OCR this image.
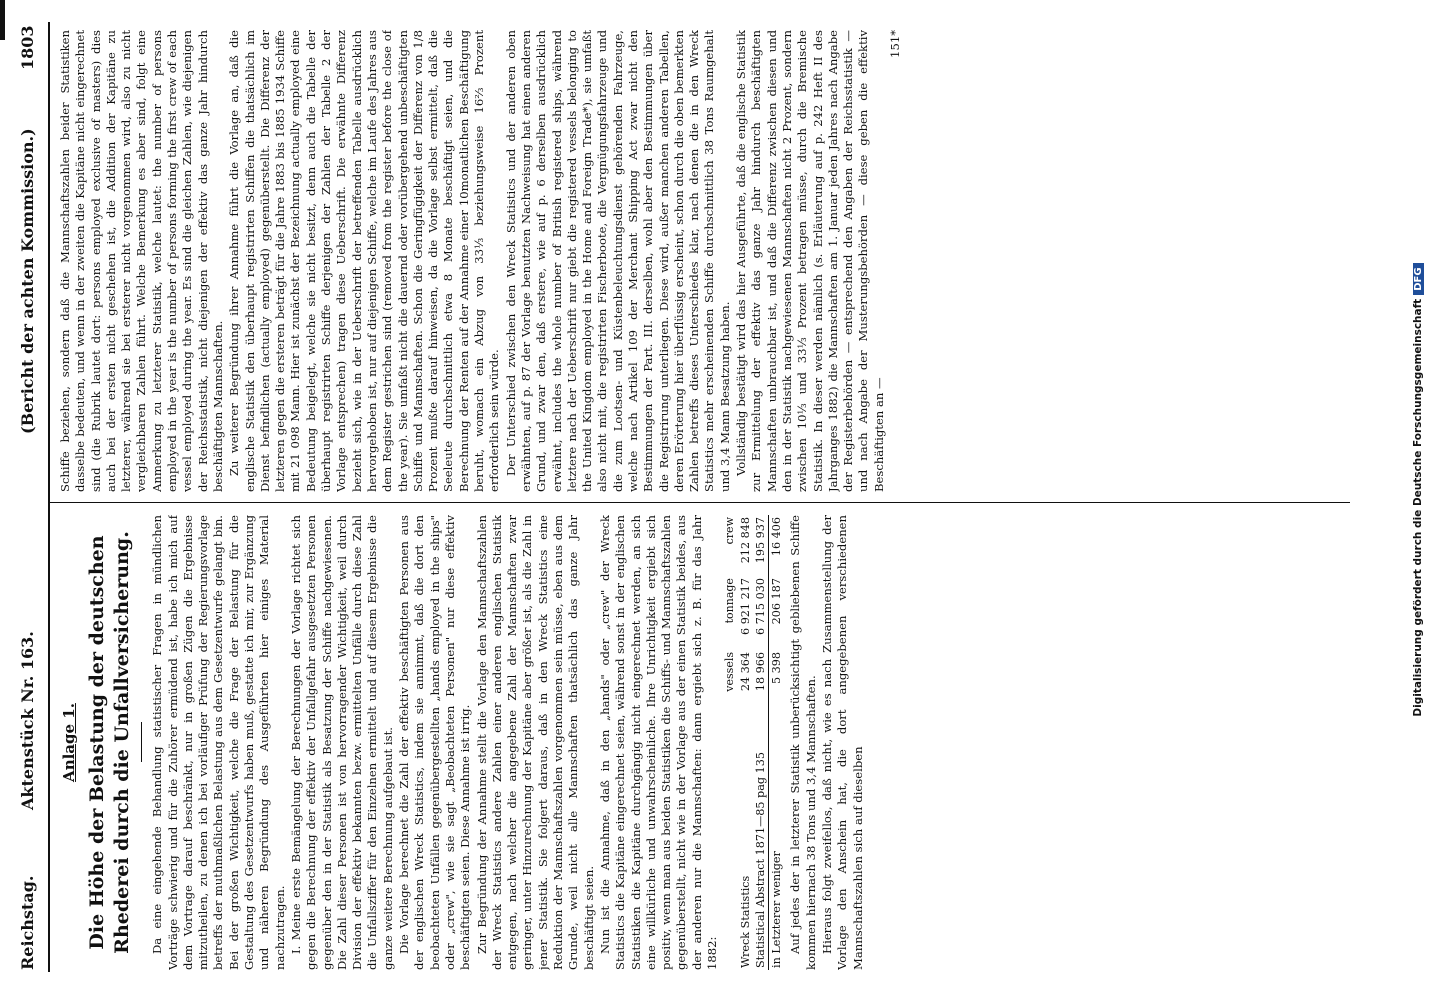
Reichstag.
Aktenstück Nr. 163.
(Bericht der achten Kommission.)
1803

Anlage 1. Die Höhe der Belastung der deutschen Rhederei durch die Unfallversicherung. Da eine eingehende Behandlung statistischer Fragen in mündlichen Vorträge schwierig und für die Zuhörer ermüdend ist, habe ich mich auf dem Vortrage darauf beschränkt, nur in großen Zügen die Ergebnisse mitzutheilen, zu denen ich bei vorläufiger Prüfung der Regierungsvorlage betreffs der muthmaßlichen Belastung aus dem Gesetzentwurfe gelangt bin. Bei der großen Wichtigkeit, welche die Frage der Belastung für die Gestaltung des Gesetzentwurfs haben muß, gestatte ich mir, zur Ergänzung und näheren Begründung des Ausgeführten hier einiges Material nachzutragen. I. Meine erste Bemängelung der Berechnungen der Vorlage richtet sich gegen die Berechnung der effektiv der Unfallgefahr ausgesetzten Personen gegenüber den in der Statistik als Besatzung der Schiffe nachgewiesenen. Die Zahl dieser Personen ist von hervorragender Wichtigkeit, weil durch Division der effektiv bekannten bezw. ermittelten Unfälle durch diese Zahl die Unfallsziffer für den Einzelnen ermittelt und auf diesem Ergebnisse die ganze weitere Berechnung aufgebaut ist. Die Vorlage berechnet die Zahl der effektiv beschäftigten Personen aus der englischen Wreck Statistics, indem sie annimmt, daß die dort den beobachteten Unfällen gegenübergestellten „hands employed in the ships" oder „crew", wie sie sagt „Beobachteten Personen" nur diese effektiv beschäftigten seien. Diese Annahme ist irrig. Zur Begründung der Annahme stellt die Vorlage den Mannschaftszahlen der Wreck Statistics andere Zahlen einer anderen englischen Statistik entgegen, nach welcher die angegebene Zahl der Mannschaften zwar geringer, unter Hinzurechnung der Kapitäne aber größer ist, als die Zahl in jener Statistik. Sie folgert daraus, daß in den Wreck Statistics eine Reduktion der Mannschaftszahlen vorgenommen sein müsse, eben aus dem Grunde, weil nicht alle Mannschaften thatsächlich das ganze Jahr beschäftigt seien. Nun ist die Annahme, daß in den „hands" oder „crew" der Wreck Statistics die Kapitäne eingerechnet seien, während sonst in der englischen Statistiken die Kapitäne durchgängig nicht eingerechnet werden, an sich eine willkürliche und unwahrscheinliche. Ihre Unrichtigkeit ergiebt sich positiv, wenn man aus beiden Statistiken die Schiffs- und Mannschaftszahlen gegenüberstellt, nicht wie in der Vorlage aus der einen Statistik beides, aus der anderen nur die Mannschaften: dann ergiebt sich z. B. für das Jahr 1882:

	vessels	tonnage	crew
Wreck Statistics	24 364	6 921 217	212 848
Statistical Abstract 1871—85 pag 135	18 966	6 715 030	195 937
in Letzterer weniger	5 398	206 187	16 406 Auf jedes der in letzterer Statistik unberücksichtigt gebliebenen Schiffe kommen hiernach 38 Tons und 3,4 Mannschaften. Hieraus folgt zweifellos, daß nicht, wie es nach Zusammenstellung der Vorlage den Anschein hat, die dort angegebenen verschiedenen Mannschaftszahlen sich auf dieselben

Schiffe beziehen, sondern daß die Mannschaftszahlen beider Statistiken dasselbe bedeuten, und wenn in der zweiten die Kapitäne nicht eingerechnet sind (die Rubrik lautet dort: persons employed exclusive of masters) dies auch bei der ersten nicht geschehen ist, die Addition der Kapitäne zu letzterer, während sie bei ersterer nicht vorgenommen wird, also zu nicht vergleichbaren Zahlen führt. Welche Bemerkung es aber sind, folgt eine Anmerkung zu letzterer Statistik, welche lautet: the number of persons employed in the year is the number of persons forming the first crew of each vessel employed during the year. Es sind die gleichen Zahlen, wie diejenigen der Reichsstatistik, nicht diejenigen der effektiv das ganze Jahr hindurch beschäftigten Mannschaften. Zu weiterer Begründung ihrer Annahme führt die Vorlage an, daß die englische Statistik den überhaupt registrirten Schiffen die thatsächlich im Dienst befindlichen (actually employed) gegenüberstellt. Die Differenz der letzteren gegen die ersteren beträgt für die Jahre 1883 bis 1885 1934 Schiffe mit 21 098 Mann. Hier ist zunächst der Bezeichnung actually employed eine Bedeutung beigelegt, welche sie nicht besitzt, denn auch die Tabelle der überhaupt registrirten Schiffe derjenigen der Zahlen der Tabelle 2 der Vorlage entsprechen) tragen diese Ueberschrift. Die erwähnte Differenz bezieht sich, wie in der Ueberschrift der betreffenden Tabelle ausdrücklich hervorgehoben ist, nur auf diejenigen Schiffe, welche im Laufe des Jahres aus dem Register gestrichen sind (removed from the register before the close of the year). Sie umfaßt nicht die dauernd oder vorübergehend unbeschäftigten Schiffe und Mannschaften. Schon die Geringfügigkeit der Differenz von 1/8 Prozent mußte darauf hinweisen, da die Vorlage selbst ermittelt, daß die Seeleute durchschnittlich etwa 8 Monate beschäftigt seien, und die Berechnung der Renten auf der Annahme einer 10monatlichen Beschäftigung beruht, womach ein Abzug von 33⅓ beziehungsweise 16⅔ Prozent erforderlich sein würde. Der Unterschied zwischen den Wreck Statistics und der anderen oben erwähnten, auf p. 87 der Vorlage benutzten Nachweisung hat einen anderen Grund, und zwar den, daß erstere, wie auf p. 6 derselben ausdrücklich erwähnt, includes the whole number of British registered ships, während letztere nach der Ueberschrift nur giebt die registered vessels belonging to the United Kingdom employed in the Home and Foreign Trade*), sie umfaßt also nicht mit, die registrirten Fischerboote, die Vergnügungsfahrzeuge und die zum Lootsen- und Küstenbeleuchtungsdienst gehörenden Fahrzeuge, welche nach Artikel 109 der Merchant Shipping Act zwar nicht den Bestimmungen der Part. III. derselben, wohl aber den Bestimmungen über die Registrirung unterliegen. Diese wird, außer manchen anderen Tabellen, deren Erörterung hier überflüssig erscheint, schon durch die oben bemerkten Zahlen betreffs dieses Unterschiedes klar, nach denen die in den Wreck Statistics mehr erscheinenden Schiffe durchschnittlich 38 Tons Raumgehalt und 3,4 Mann Besatzung haben. Vollständig bestätigt wird das hier Ausgeführte, daß die englische Statistik zur Ermittelung der effektiv das ganze Jahr hindurch beschäftigten Mannschaften unbrauchbar ist, und daß die Differenz zwischen diesen und den in der Statistik nachgewiesenen Mannschaften nicht 2 Prozent, sondern zwischen 10⅓ und 33⅓ Prozent betragen müsse, durch die Bremische Statistik. In dieser werden nämlich (s. Erläuterung auf p. 242 Heft II des Jahrganges 1882) die Mannschaften am 1. Januar jeden Jahres nach Angabe der Registerbehörden — entsprechend den Angaben der Reichsstatistik — und nach Angabe der Musterungsbehörden — diese geben die effektiv Beschäftigten an —

151*

Digitalisierung gefördert durch die Deutsche ForschungsgemeinschaftDFG
